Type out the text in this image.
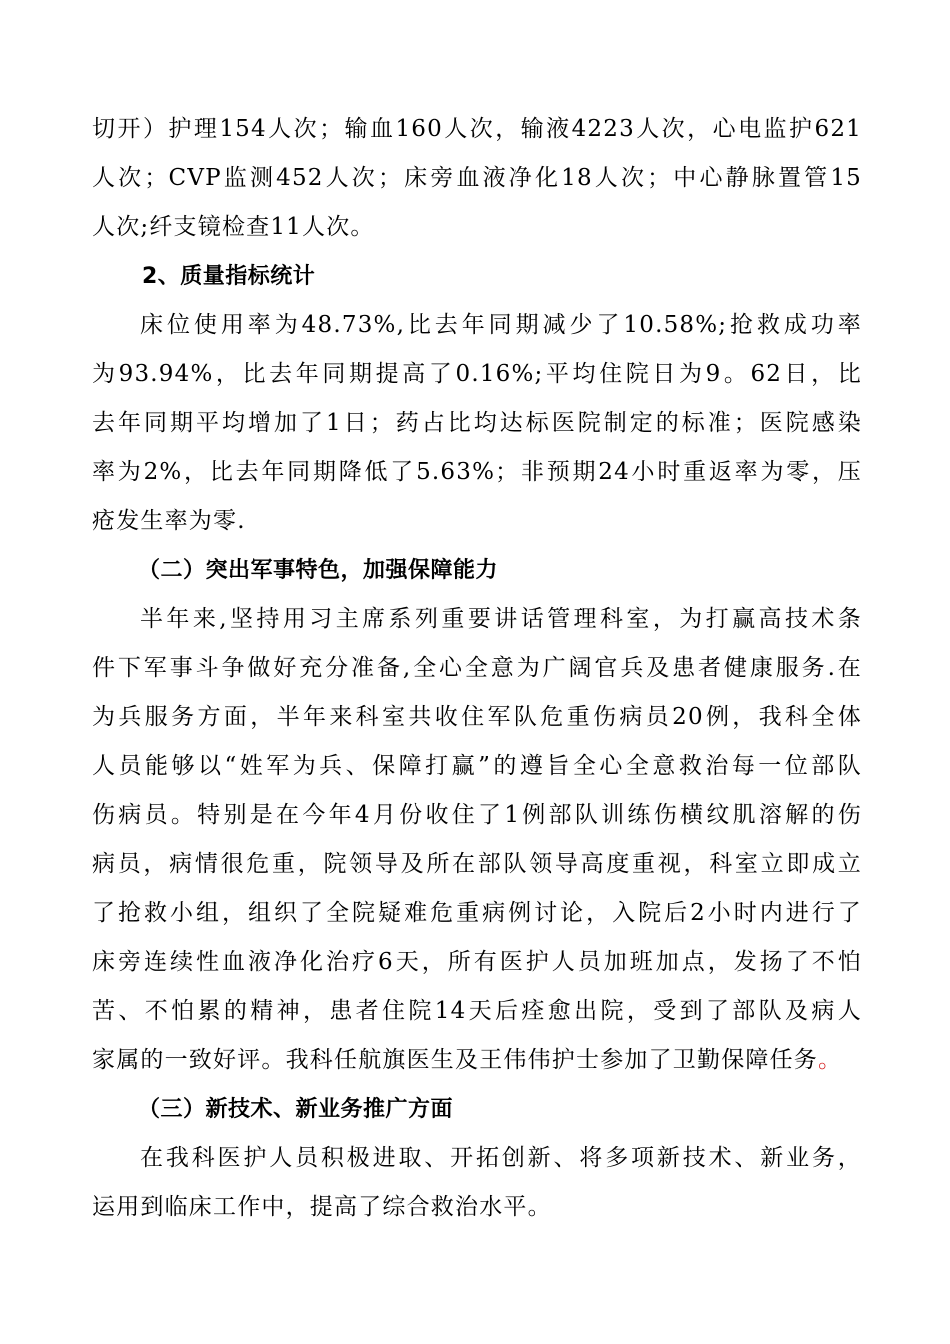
切开）护理154人次；输血160人次，输液4223人次，心电监护621
人次；CVP监测452人次；床旁血液净化18人次；中心静脉置管15
人次;纤支镜检查11人次。
2、质量指标统计
床位使用率为48.73%,比去年同期减少了10.58%;抢救成功率
为93.94%，比去年同期提高了0.16%;平均住院日为9。62日，比
去年同期平均增加了1日；药占比均达标医院制定的标准；医院感染
率为2%，比去年同期降低了5.63%；非预期24小时重返率为零，压
疮发生率为零.
（二）突出军事特色，加强保障能力
半年来,坚持用习主席系列重要讲话管理科室，为打赢高技术条
件下军事斗争做好充分准备,全心全意为广阔官兵及患者健康服务.在
为兵服务方面，半年来科室共收住军队危重伤病员20例，我科全体
人员能够以“姓军为兵、保障打赢”的遵旨全心全意救治每一位部队
伤病员。特别是在今年4月份收住了1例部队训练伤横纹肌溶解的伤
病员，病情很危重，院领导及所在部队领导高度重视，科室立即成立
了抢救小组，组织了全院疑难危重病例讨论，入院后2小时内进行了
床旁连续性血液净化治疗6天，所有医护人员加班加点，发扬了不怕
苦、不怕累的精神，患者住院14天后痊愈出院，受到了部队及病人
家属的一致好评。我科任航旗医生及王伟伟护士参加了卫勤保障任务。
（三）新技术、新业务推广方面
在我科医护人员积极进取、开拓创新、将多项新技术、新业务，
运用到临床工作中，提高了综合救治水平。
